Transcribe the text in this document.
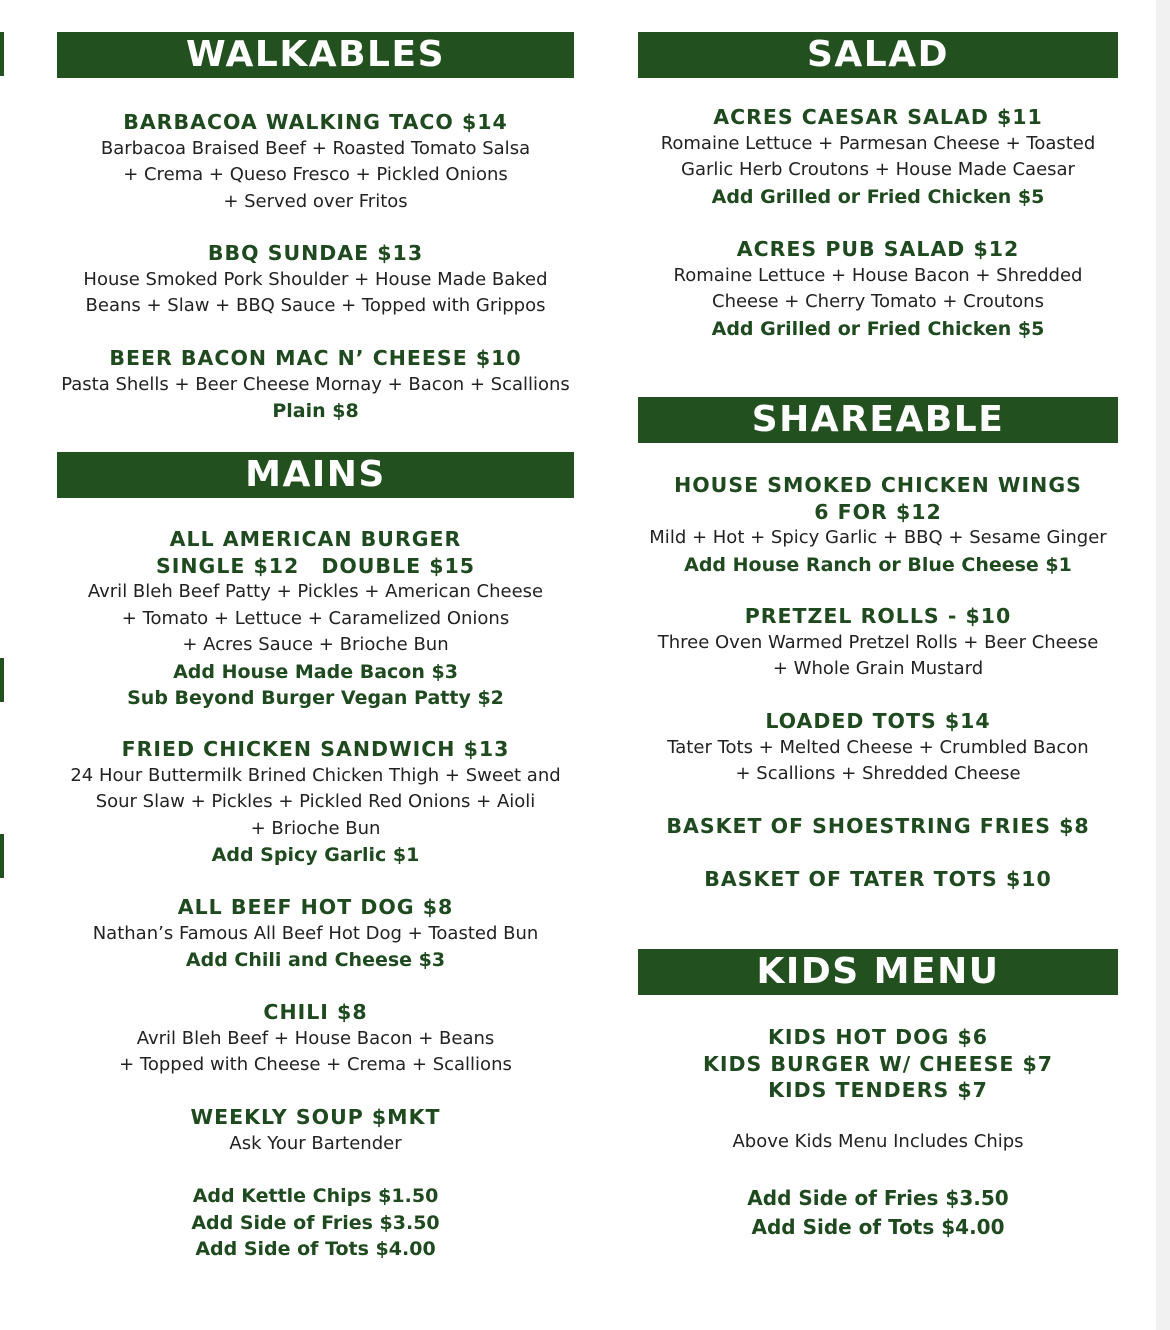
WALKABLES
BARBACOA WALKING TACO $14
Barbacoa Braised Beef + Roasted Tomato Salsa
+ Crema + Queso Fresco + Pickled Onions
+ Served over Fritos
BBQ SUNDAE $13
House Smoked Pork Shoulder + House Made Baked
Beans + Slaw + BBQ Sauce + Topped with Grippos
BEER BACON MAC N’ CHEESE $10
Pasta Shells + Beer Cheese Mornay + Bacon + Scallions
Plain $8
MAINS
ALL AMERICAN BURGER
SINGLE $12 DOUBLE $15
Avril Bleh Beef Patty + Pickles + American Cheese
+ Tomato + Lettuce + Caramelized Onions
+ Acres Sauce + Brioche Bun
Add House Made Bacon $3
Sub Beyond Burger Vegan Patty $2
FRIED CHICKEN SANDWICH $13
24 Hour Buttermilk Brined Chicken Thigh + Sweet and
Sour Slaw + Pickles + Pickled Red Onions + Aioli
+ Brioche Bun
Add Spicy Garlic $1
ALL BEEF HOT DOG $8
Nathan’s Famous All Beef Hot Dog + Toasted Bun
Add Chili and Cheese $3
CHILI $8
Avril Bleh Beef + House Bacon + Beans
+ Topped with Cheese + Crema + Scallions
WEEKLY SOUP $MKT
Ask Your Bartender
Add Kettle Chips $1.50
Add Side of Fries $3.50
Add Side of Tots $4.00
SALAD
ACRES CAESAR SALAD $11
Romaine Lettuce + Parmesan Cheese + Toasted
Garlic Herb Croutons + House Made Caesar
Add Grilled or Fried Chicken $5
ACRES PUB SALAD $12
Romaine Lettuce + House Bacon + Shredded
Cheese + Cherry Tomato + Croutons
Add Grilled or Fried Chicken $5
SHAREABLE
HOUSE SMOKED CHICKEN WINGS
6 FOR $12
Mild + Hot + Spicy Garlic + BBQ + Sesame Ginger
Add House Ranch or Blue Cheese $1
PRETZEL ROLLS - $10
Three Oven Warmed Pretzel Rolls + Beer Cheese
+ Whole Grain Mustard
LOADED TOTS $14
Tater Tots + Melted Cheese + Crumbled Bacon
+ Scallions + Shredded Cheese
BASKET OF SHOESTRING FRIES $8
BASKET OF TATER TOTS $10
KIDS MENU
KIDS HOT DOG $6
KIDS BURGER W/ CHEESE $7
KIDS TENDERS $7
Above Kids Menu Includes Chips
Add Side of Fries $3.50
Add Side of Tots $4.00
